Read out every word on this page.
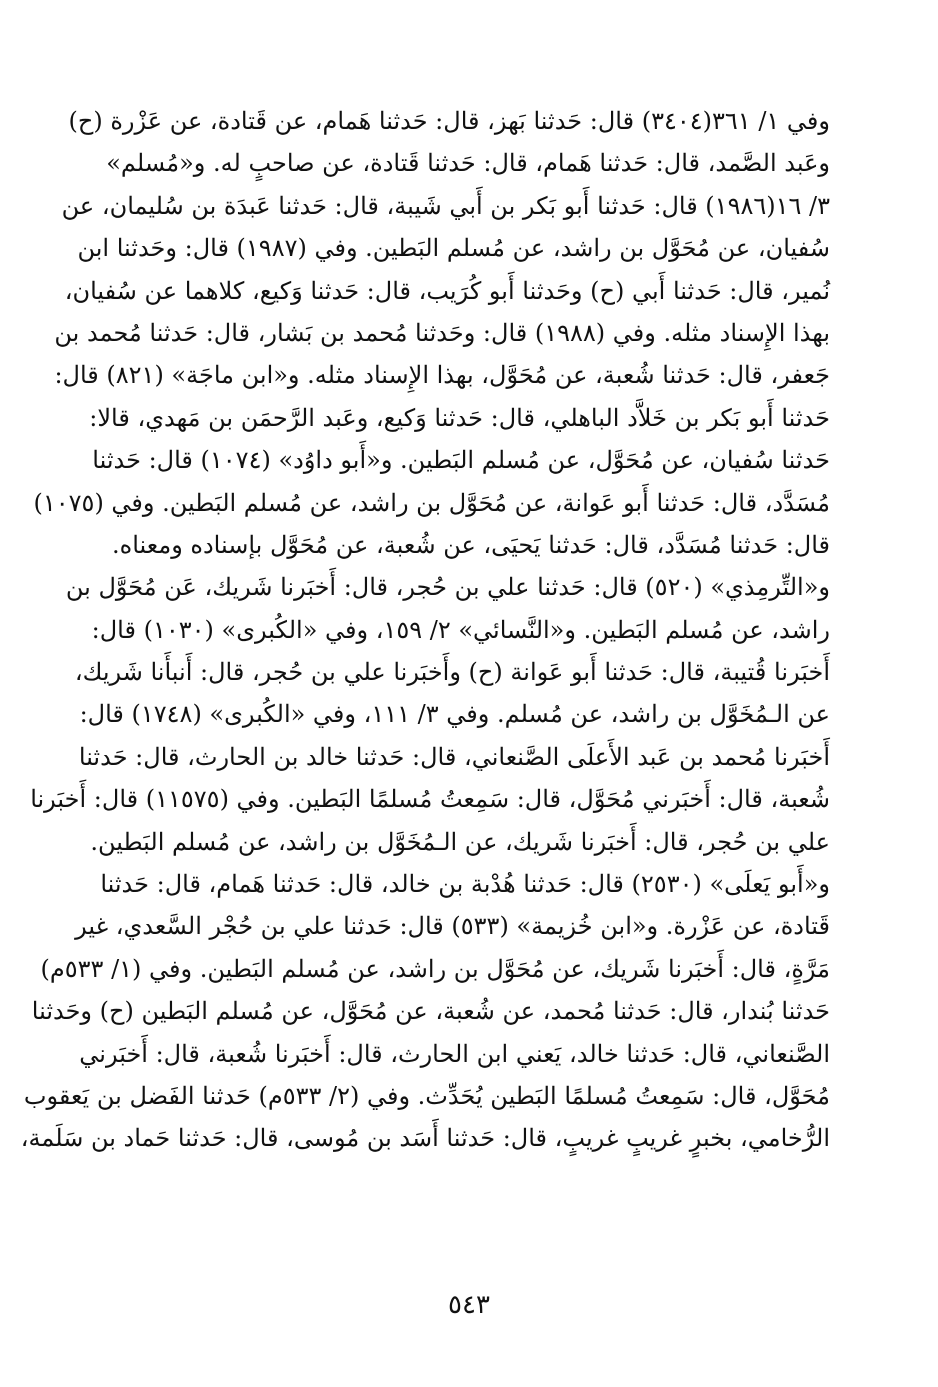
وفي ١/ ٣٦١(٣٤٠٤) قال: حَدثنا بَهز، قال: حَدثنا هَمام، عن قَتادة، عن عَزْرة (ح)
وعَبد الصَّمد، قال: حَدثنا هَمام، قال: حَدثنا قَتادة، عن صاحبٍ له. و«مُسلم»
٣/ ١٦(١٩٨٦) قال: حَدثنا أَبو بَكر بن أَبي شَيبة، قال: حَدثنا عَبدَة بن سُليمان، عن
سُفيان، عن مُحَوَّل بن راشد، عن مُسلم البَطين. وفي (١٩٨٧) قال: وحَدثنا ابن
نُمير، قال: حَدثنا أَبي (ح) وحَدثنا أَبو كُرَيب، قال: حَدثنا وَكيع، كلاهما عن سُفيان،
بهذا الإِسناد مثله. وفي (١٩٨٨) قال: وحَدثنا مُحمد بن بَشار، قال: حَدثنا مُحمد بن
جَعفر، قال: حَدثنا شُعبة، عن مُحَوَّل، بهذا الإِسناد مثله. و«ابن ماجَة» (٨٢١) قال:
حَدثنا أَبو بَكر بن خَلاَّد الباهلي، قال: حَدثنا وَكيع، وعَبد الرَّحمَن بن مَهدي، قالا:
حَدثنا سُفيان، عن مُحَوَّل، عن مُسلم البَطين. و«أَبو داوُد» (١٠٧٤) قال: حَدثنا
مُسَدَّد، قال: حَدثنا أَبو عَوانة، عن مُحَوَّل بن راشد، عن مُسلم البَطين. وفي (١٠٧٥)
قال: حَدثنا مُسَدَّد، قال: حَدثنا يَحيَى، عن شُعبة، عن مُحَوَّل بإسناده ومعناه.
و«التِّرمِذي» (٥٢٠) قال: حَدثنا علي بن حُجر، قال: أَخبَرنا شَريك، عَن مُحَوَّل بن
راشد، عن مُسلم البَطين. و«النَّسائي» ٢/ ١٥٩، وفي «الكُبرى» (١٠٣٠) قال:
أَخبَرنا قُتيبة، قال: حَدثنا أَبو عَوانة (ح) وأَخبَرنا علي بن حُجر، قال: أَنبأَنا شَريك،
عن الـمُخَوَّل بن راشد، عن مُسلم. وفي ٣/ ١١١، وفي «الكُبرى» (١٧٤٨) قال:
أَخبَرنا مُحمد بن عَبد الأَعلَى الصَّنعاني، قال: حَدثنا خالد بن الحارث، قال: حَدثنا
شُعبة، قال: أَخبَرني مُحَوَّل، قال: سَمِعتُ مُسلمًا البَطين. وفي (١١٥٧٥) قال: أَخبَرنا
علي بن حُجر، قال: أَخبَرنا شَريك، عن الـمُخَوَّل بن راشد، عن مُسلم البَطين.
و«أَبو يَعلَى» (٢٥٣٠) قال: حَدثنا هُدْبة بن خالد، قال: حَدثنا هَمام، قال: حَدثنا
قَتادة، عن عَزْرة. و«ابن خُزيمة» (٥٣٣) قال: حَدثنا علي بن حُجْر السَّعدي، غير
مَرَّةٍ، قال: أَخبَرنا شَريك، عن مُحَوَّل بن راشد، عن مُسلم البَطين. وفي (١/ ٥٣٣م)
حَدثنا بُندار، قال: حَدثنا مُحمد، عن شُعبة، عن مُحَوَّل، عن مُسلم البَطين (ح) وحَدثنا
الصَّنعاني، قال: حَدثنا خالد، يَعني ابن الحارث، قال: أَخبَرنا شُعبة، قال: أَخبَرني
مُحَوَّل، قال: سَمِعتُ مُسلمًا البَطين يُحَدِّث. وفي (٢/ ٥٣٣م) حَدثنا الفَضل بن يَعقوب
الرُّخامي، بخبرٍ غريبٍ غريبٍ، قال: حَدثنا أَسَد بن مُوسى، قال: حَدثنا حَماد بن سَلَمة،
٥٤٣
